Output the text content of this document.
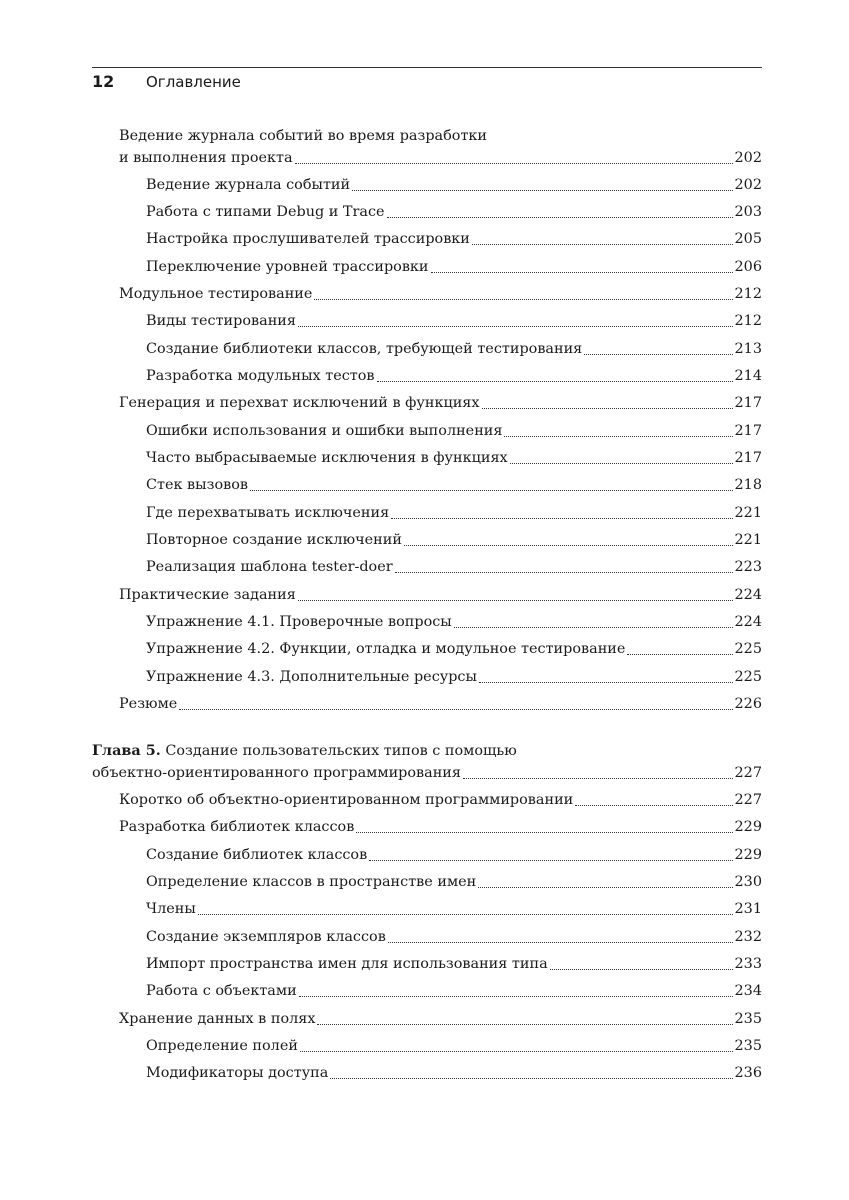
12 Оглавление
Ведение журнала событий во время разработки
и выполнения проекта	202
Ведение журнала событий	202
Работа с типами Debug и Trace	203
Настройка прослушивателей трассировки	205
Переключение уровней трассировки	206
Модульное тестирование	212
Виды тестирования	212
Создание библиотеки классов, требующей тестирования	213
Разработка модульных тестов	214
Генерация и перехват исключений в функциях	217
Ошибки использования и ошибки выполнения	217
Часто выбрасываемые исключения в функциях	217
Стек вызовов	218
Где перехватывать исключения	221
Повторное создание исключений	221
Реализация шаблона tester-doer	223
Практические задания	224
Упражнение 4.1. Проверочные вопросы	224
Упражнение 4.2. Функции, отладка и модульное тестирование	225
Упражнение 4.3. Дополнительные ресурсы	225
Резюме	226
Глава 5. Создание пользовательских типов с помощью
объектно-ориентированного программирования	227
Коротко об объектно-ориентированном программировании	227
Разработка библиотек классов	229
Создание библиотек классов	229
Определение классов в пространстве имен	230
Члены	231
Создание экземпляров классов	232
Импорт пространства имен для использования типа	233
Работа с объектами	234
Хранение данных в полях	235
Определение полей	235
Модификаторы доступа	236
